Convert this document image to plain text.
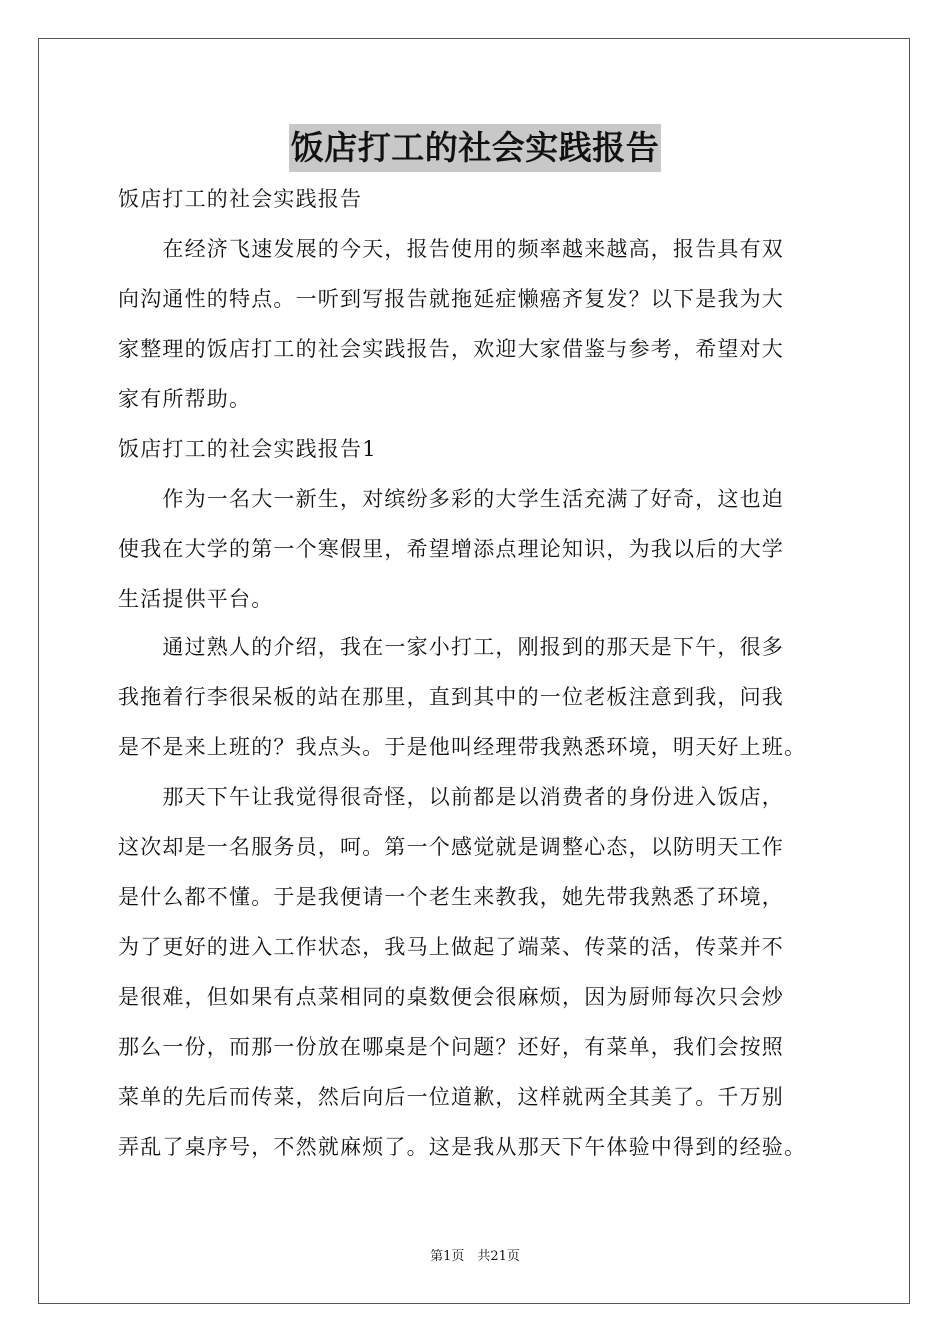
饭店打工的社会实践报告
饭店打工的社会实践报告
　　在经济飞速发展的今天，报告使用的频率越来越高，报告具有双
向沟通性的特点。一听到写报告就拖延症懒癌齐复发？以下是我为大
家整理的饭店打工的社会实践报告，欢迎大家借鉴与参考，希望对大
家有所帮助。
饭店打工的社会实践报告1
　　作为一名大一新生，对缤纷多彩的大学生活充满了好奇，这也迫
使我在大学的第一个寒假里，希望增添点理论知识，为我以后的大学
生活提供平台。
　　通过熟人的介绍，我在一家小打工，刚报到的那天是下午，很多
我拖着行李很呆板的站在那里，直到其中的一位老板注意到我，问我
是不是来上班的？我点头。于是他叫经理带我熟悉环境，明天好上班。
　　那天下午让我觉得很奇怪，以前都是以消费者的身份进入饭店，
这次却是一名服务员，呵。第一个感觉就是调整心态，以防明天工作
是什么都不懂。于是我便请一个老生来教我，她先带我熟悉了环境，
为了更好的进入工作状态，我马上做起了端菜、传菜的活，传菜并不
是很难，但如果有点菜相同的桌数便会很麻烦，因为厨师每次只会炒
那么一份，而那一份放在哪桌是个问题？还好，有菜单，我们会按照
菜单的先后而传菜，然后向后一位道歉，这样就两全其美了。千万别
弄乱了桌序号，不然就麻烦了。这是我从那天下午体验中得到的经验。
第1页　共21页
